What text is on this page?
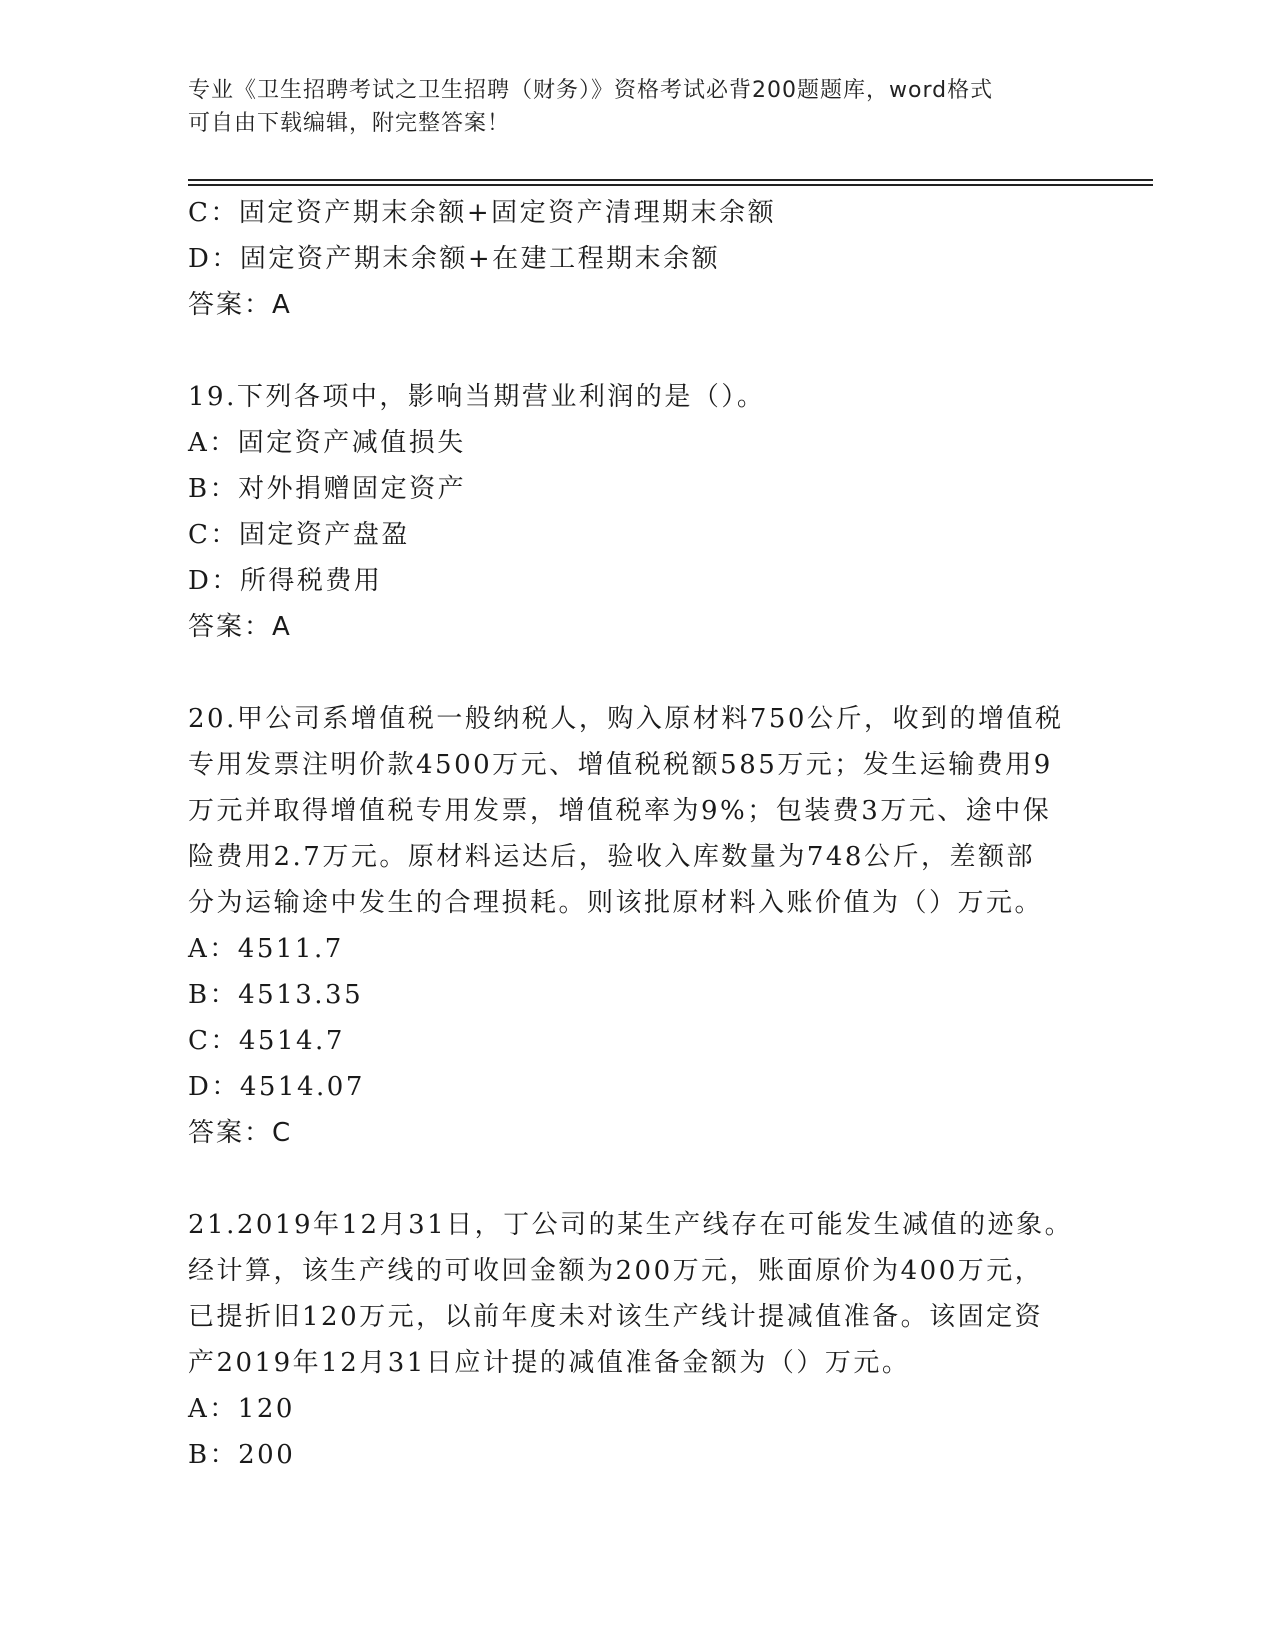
专业《卫生招聘考试之卫生招聘（财务）》资格考试必背200题题库，word格式
可自由下载编辑，附完整答案！
C：固定资产期末余额+固定资产清理期末余额
D：固定资产期末余额+在建工程期末余额
答案：A
19.下列各项中，影响当期营业利润的是（）。
A：固定资产减值损失
B：对外捐赠固定资产
C：固定资产盘盈
D：所得税费用
答案：A
20.甲公司系增值税一般纳税人，购入原材料750公斤，收到的增值税
专用发票注明价款4500万元、增值税税额585万元；发生运输费用9
万元并取得增值税专用发票，增值税率为9%；包装费3万元、途中保
险费用2.7万元。原材料运达后，验收入库数量为748公斤，差额部
分为运输途中发生的合理损耗。则该批原材料入账价值为（）万元。
A：4511.7
B：4513.35
C：4514.7
D：4514.07
答案：C
21.2019年12月31日，丁公司的某生产线存在可能发生减值的迹象。
经计算，该生产线的可收回金额为200万元，账面原价为400万元，
已提折旧120万元，以前年度未对该生产线计提减值准备。该固定资
产2019年12月31日应计提的减值准备金额为（）万元。
A：120
B：200
